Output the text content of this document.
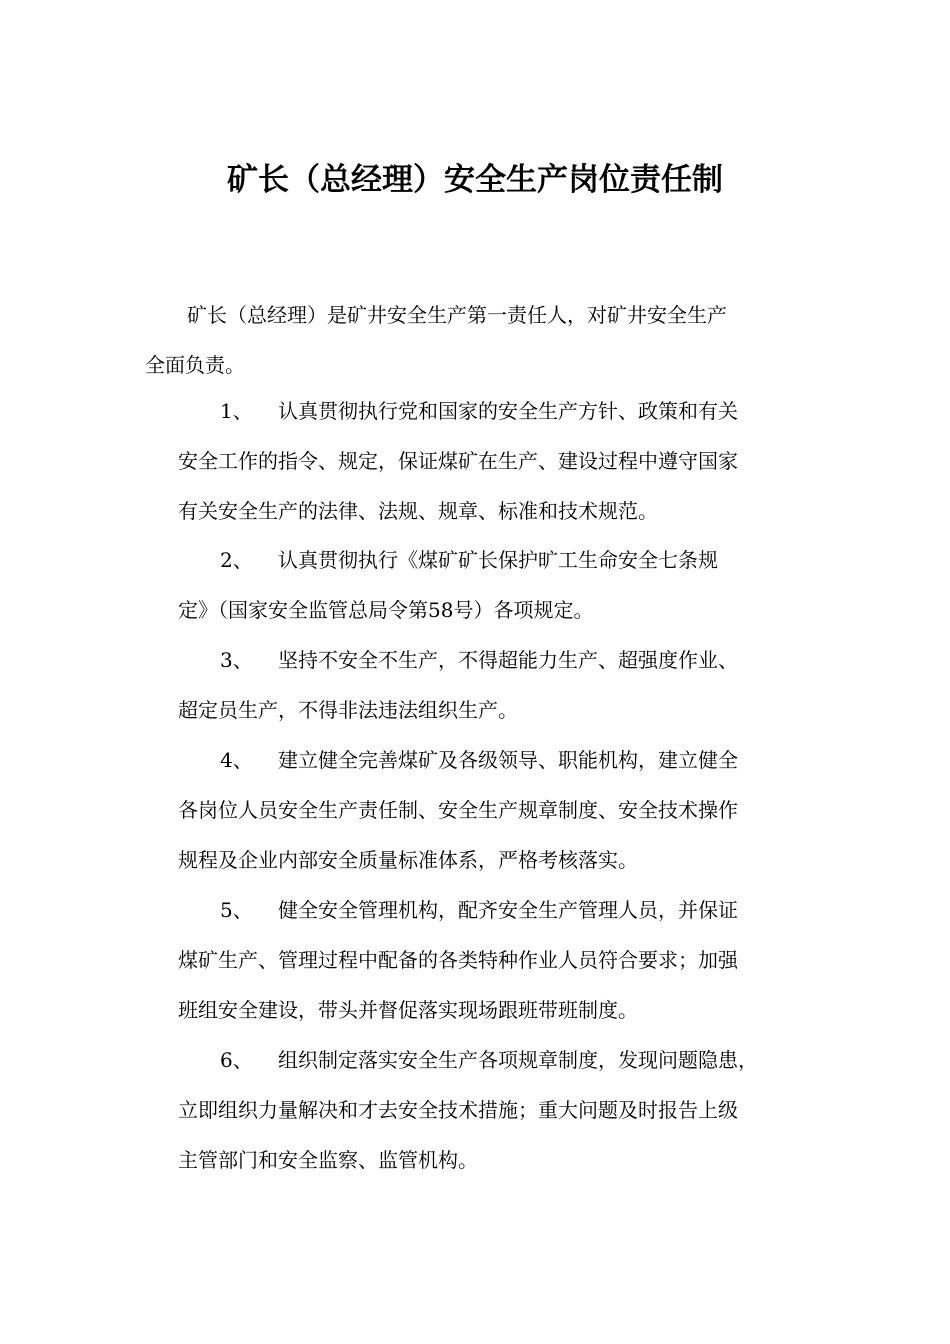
矿长（总经理）安全生产岗位责任制
矿长（总经理）是矿井安全生产第一责任人，对矿井安全生产
全面负责。
1、 认真贯彻执行党和国家的安全生产方针、政策和有关
安全工作的指令、规定，保证煤矿在生产、建设过程中遵守国家
有关安全生产的法律、法规、规章、标准和技术规范。
2、 认真贯彻执行《煤矿矿长保护旷工生命安全七条规
定》（国家安全监管总局令第58号）各项规定。
3、 坚持不安全不生产，不得超能力生产、超强度作业、
超定员生产，不得非法违法组织生产。
4、 建立健全完善煤矿及各级领导、职能机构，建立健全
各岗位人员安全生产责任制、安全生产规章制度、安全技术操作
规程及企业内部安全质量标准体系，严格考核落实。
5、 健全安全管理机构，配齐安全生产管理人员，并保证
煤矿生产、管理过程中配备的各类特种作业人员符合要求；加强
班组安全建设，带头并督促落实现场跟班带班制度。
6、 组织制定落实安全生产各项规章制度，发现问题隐患，
立即组织力量解决和才去安全技术措施；重大问题及时报告上级
主管部门和安全监察、监管机构。
